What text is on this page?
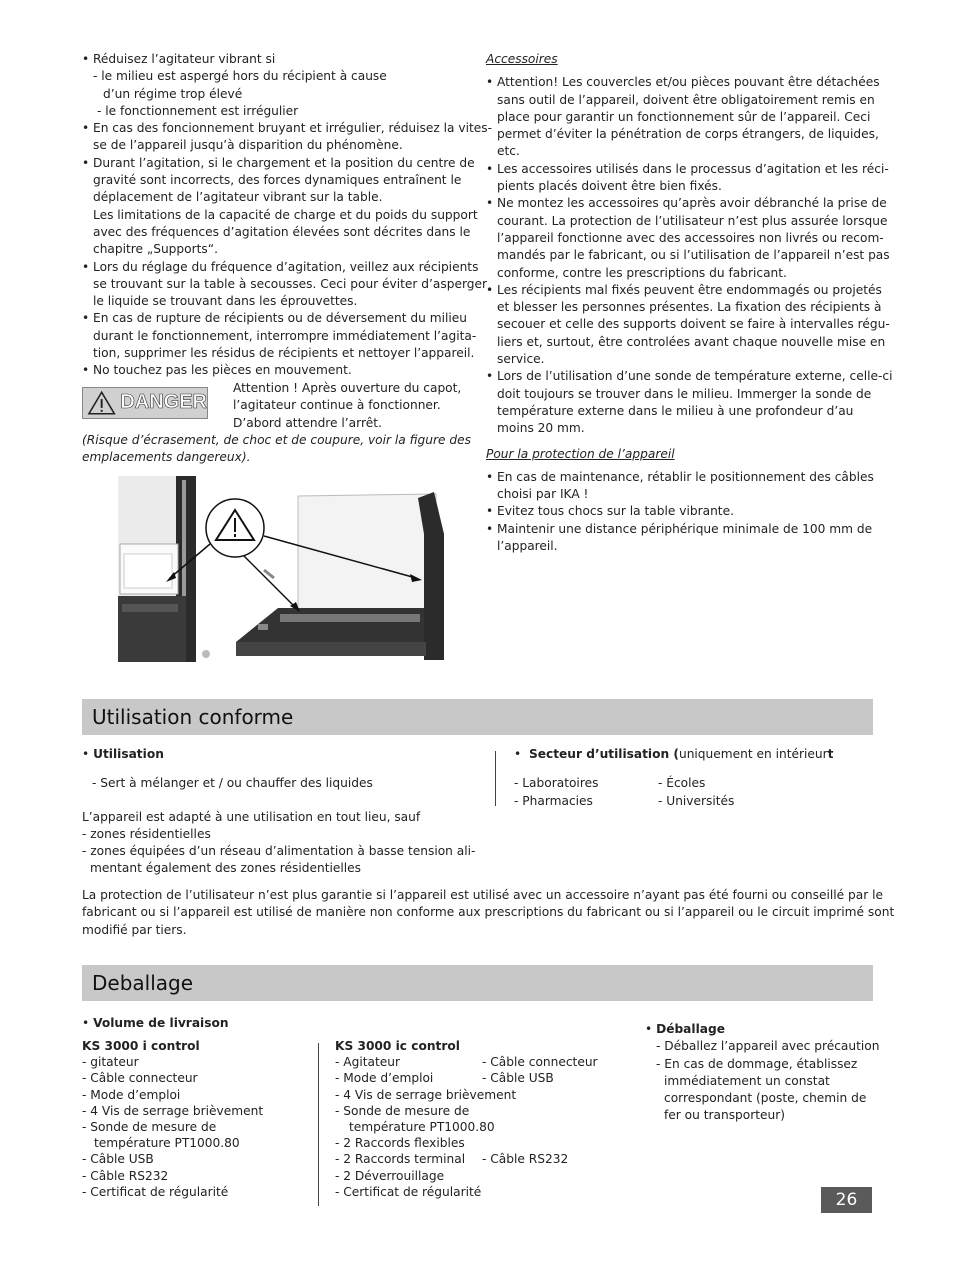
• Réduisez l’agitateur vibrant si
- le milieu est aspergé hors du récipient à cause
d’un régime trop élevé
- le fonctionnement est irrégulier
• En cas des foncionnement bruyant et irrégulier, réduisez la vites-
se de l’appareil jusqu’à disparition du phénomène.
• Durant l’agitation, si le chargement et la position du centre de
gravité sont incorrects, des forces dynamiques entraînent le
déplacement de l’agitateur vibrant sur la table.
Les limitations de la capacité de charge et du poids du support
avec des fréquences d’agitation élevées sont décrites dans le
chapitre „Supports“.
• Lors du réglage du fréquence d’agitation, veillez aux récipients
se trouvant sur la table à secousses. Ceci pour éviter d’asperger
le liquide se trouvant dans les éprouvettes.
• En cas de rupture de récipients ou de déversement du milieu
durant le fonctionnement, interrompre immédiatement l’agita-
tion, supprimer les résidus de récipients et nettoyer l’appareil.
• No touchez pas les pièces en mouvement.
DANGER
Attention ! Après ouverture du capot,
l’agitateur continue à fonctionner.
D’abord attendre l’arrêt.
(Risque d’écrasement, de choc et de coupure, voir la figure des
emplacements dangereux).
Accessoires
• Attention! Les couvercles et/ou pièces pouvant être détachées
sans outil de l’appareil, doivent être obligatoirement remis en
place pour garantir un fonctionnement sûr de l’appareil. Ceci
permet d’éviter la pénétration de corps étrangers, de liquides,
etc.
• Les accessoires utilisés dans le processus d’agitation et les réci-
pients placés doivent être bien fixés.
• Ne montez les accessoires qu’après avoir débranché la prise de
courant. La protection de l’utilisateur n’est plus assurée lorsque
l’appareil fonctionne avec des accessoires non livrés ou recom-
mandés par le fabricant, ou si l’utilisation de l’appareil n’est pas
conforme, contre les prescriptions du fabricant.
• Les récipients mal fixés peuvent être endommagés ou projetés
et blesser les personnes présentes. La fixation des récipients à
secouer et celle des supports doivent se faire à intervalles régu-
liers et, surtout, être controlées avant chaque nouvelle mise en
service.
• Lors de l’utilisation d’une sonde de température externe, celle-ci
doit toujours se trouver dans le milieu. Immerger la sonde de
température externe dans le milieu à une profondeur d’au
moins 20 mm.
Pour la protection de l’appareil
• En cas de maintenance, rétablir le positionnement des câbles
choisi par IKA !
• Evitez tous chocs sur la table vibrante.
• Maintenir une distance périphérique minimale de 100 mm de
l’appareil.
Utilisation conforme
• Utilisation
- Sert à mélanger et / ou chauffer des liquides
L’appareil est adapté à une utilisation en tout lieu, sauf
- zones résidentielles
- zones équipées d’un réseau d’alimentation à basse tension ali-
mentant également des zones résidentielles
•  Secteur d’utilisation (uniquement en intérieurt
- Laboratoires
- Pharmacies
- Écoles
- Universités
La protection de l’utilisateur n’est plus garantie si l’appareil est utilisé avec un accessoire n’ayant pas été fourni ou conseillé par le
fabricant ou si l’appareil est utilisé de manière non conforme aux prescriptions du fabricant ou si l’appareil ou le circuit imprimé sont
modifié par tiers.
Deballage
• Volume de livraison
KS 3000 i control
- gitateur
- Câble connecteur
- Mode d’emploi
- 4 Vis de serrage brièvement
- Sonde de mesure de
température PT1000.80
- Câble USB
- Câble RS232
- Certificat de régularité
KS 3000 ic control
- Agitateur
- Mode d’emploi
- 4 Vis de serrage brièvement
- Sonde de mesure de
température PT1000.80
- 2 Raccords flexibles
- 2 Raccords terminal
- 2 Déverrouillage
- Certificat de régularité
- Câble connecteur
- Câble USB
- Câble RS232
• Déballage
- Déballez l’appareil avec précaution
- En cas de dommage, établissez
immédiatement un constat
correspondant (poste, chemin de
fer ou transporteur)
26
